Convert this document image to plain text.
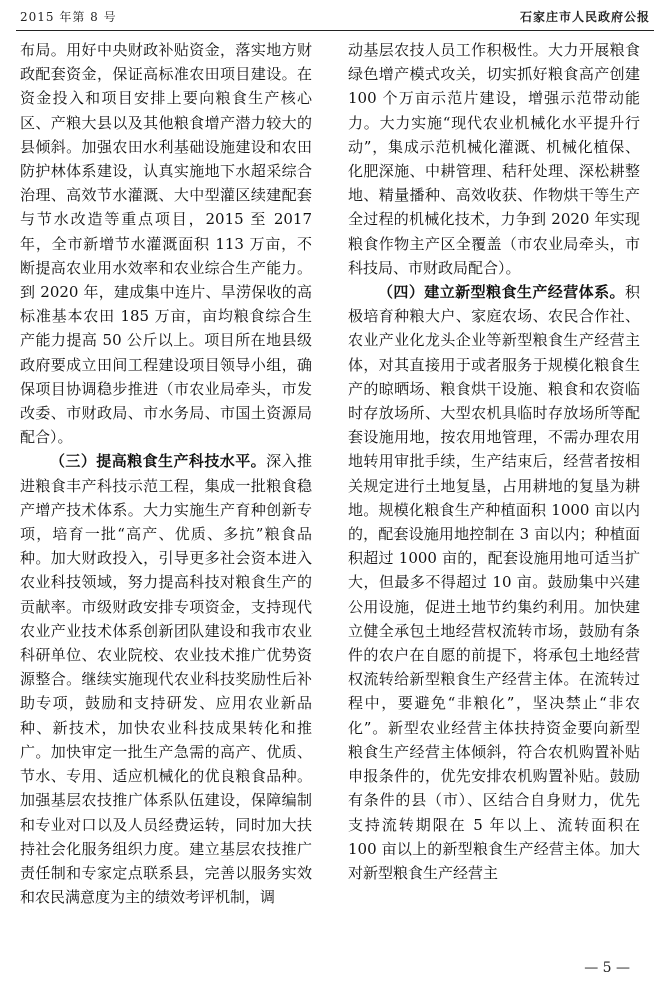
2015 年第 8 号	石家庄市人民政府公报

布局。用好中央财政补贴资金，落实地方财政配套资金，保证高标准农田项目建设。在资金投入和项目安排上要向粮食生产核心区、产粮大县以及其他粮食增产潜力较大的县倾斜。加强农田水利基础设施建设和农田防护林体系建设，认真实施地下水超采综合治理、高效节水灌溉、大中型灌区续建配套与节水改造等重点项目，2015 至 2017 年，全市新增节水灌溉面积 113 万亩，不断提高农业用水效率和农业综合生产能力。到 2020 年，建成集中连片、旱涝保收的高标准基本农田 185 万亩，亩均粮食综合生产能力提高 50 公斤以上。项目所在地县级政府要成立田间工程建设项目领导小组，确保项目协调稳步推进（市农业局牵头，市发改委、市财政局、市水务局、市国土资源局配合）。

（三）提高粮食生产科技水平。深入推进粮食丰产科技示范工程，集成一批粮食稳产增产技术体系。大力实施生产育种创新专项，培育一批“高产、优质、多抗”粮食品种。加大财政投入，引导更多社会资本进入农业科技领域，努力提高科技对粮食生产的贡献率。市级财政安排专项资金，支持现代农业产业技术体系创新团队建设和我市农业科研单位、农业院校、农业技术推广优势资源整合。继续实施现代农业科技奖励性后补助专项，鼓励和支持研发、应用农业新品种、新技术，加快农业科技成果转化和推广。加快审定一批生产急需的高产、优质、节水、专用、适应机械化的优良粮食品种。加强基层农技推广体系队伍建设，保障编制和专业对口以及人员经费运转，同时加大扶持社会化服务组织力度。建立基层农技推广责任制和专家定点联系县，完善以服务实效和农民满意度为主的绩效考评机制，调

动基层农技人员工作积极性。大力开展粮食绿色增产模式攻关，切实抓好粮食高产创建 100 个万亩示范片建设，增强示范带动能力。大力实施“现代农业机械化水平提升行动”，集成示范机械化灌溉、机械化植保、化肥深施、中耕管理、秸秆处理、深松耕整地、精量播种、高效收获、作物烘干等生产全过程的机械化技术，力争到 2020 年实现粮食作物主产区全覆盖（市农业局牵头，市科技局、市财政局配合）。

（四）建立新型粮食生产经营体系。积极培育种粮大户、家庭农场、农民合作社、农业产业化龙头企业等新型粮食生产经营主体，对其直接用于或者服务于规模化粮食生产的晾晒场、粮食烘干设施、粮食和农资临时存放场所、大型农机具临时存放场所等配套设施用地，按农用地管理，不需办理农用地转用审批手续，生产结束后，经营者按相关规定进行土地复垦，占用耕地的复垦为耕地。规模化粮食生产种植面积 1000 亩以内的，配套设施用地控制在 3 亩以内；种植面积超过 1000 亩的，配套设施用地可适当扩大，但最多不得超过 10 亩。鼓励集中兴建公用设施，促进土地节约集约利用。加快建立健全承包土地经营权流转市场，鼓励有条件的农户在自愿的前提下，将承包土地经营权流转给新型粮食生产经营主体。在流转过程中，要避免“非粮化”，坚决禁止“非农化”。新型农业经营主体扶持资金要向新型粮食生产经营主体倾斜，符合农机购置补贴申报条件的，优先安排农机购置补贴。鼓励有条件的县（市）、区结合自身财力，优先支持流转期限在 5 年以上、流转面积在 100 亩以上的新型粮食生产经营主体。加大对新型粮食生产经营主

— 5 —
